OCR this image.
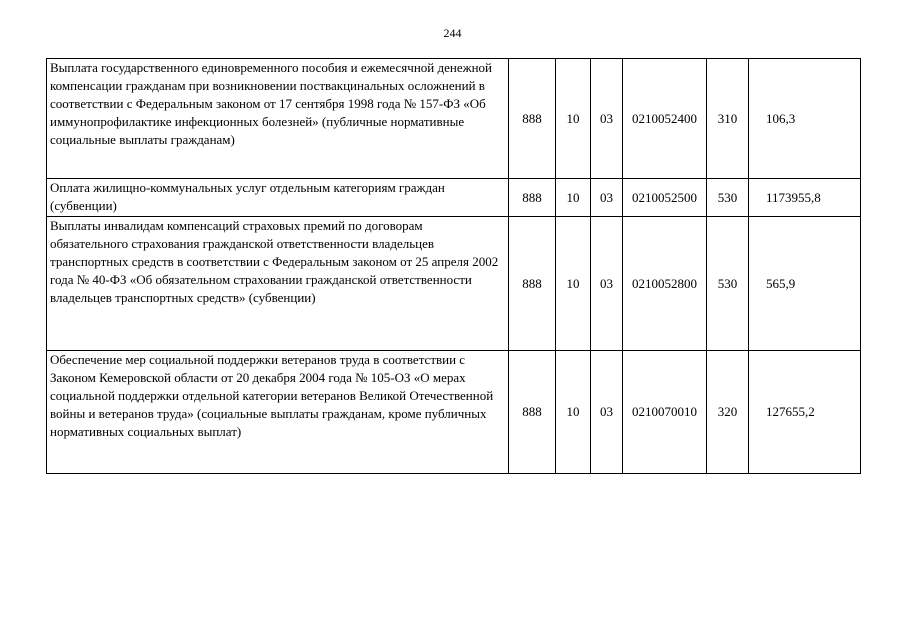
244
Выплата государственного единовременного пособия и ежемесячной денежной компенсации гражданам при возникновении поствакцинальных осложнений в соответствии с Федеральным законом от 17 сентября 1998 года № 157-ФЗ «Об иммунопрофилактике инфекционных болезней» (публичные нормативные социальные выплаты гражданам)	888	10	03	0210052400	310	106,3
Оплата жилищно-коммунальных услуг отдельным категориям граждан (субвенции)	888	10	03	0210052500	530	1173955,8
Выплаты инвалидам компенсаций страховых премий по договорам обязательного страхования гражданской ответственности владельцев транспортных средств в соответствии с Федеральным законом от 25 апреля 2002 года № 40-ФЗ «Об обязательном страховании гражданской ответственности владельцев транспортных средств» (субвенции)	888	10	03	0210052800	530	565,9
Обеспечение мер социальной поддержки ветеранов труда в соответствии с Законом Кемеровской области от 20 декабря 2004 года № 105-ОЗ «О мерах социальной поддержки отдельной категории ветеранов Великой Отечественной войны и ветеранов труда» (социальные выплаты гражданам, кроме публичных нормативных социальных выплат)	888	10	03	0210070010	320	127655,2
